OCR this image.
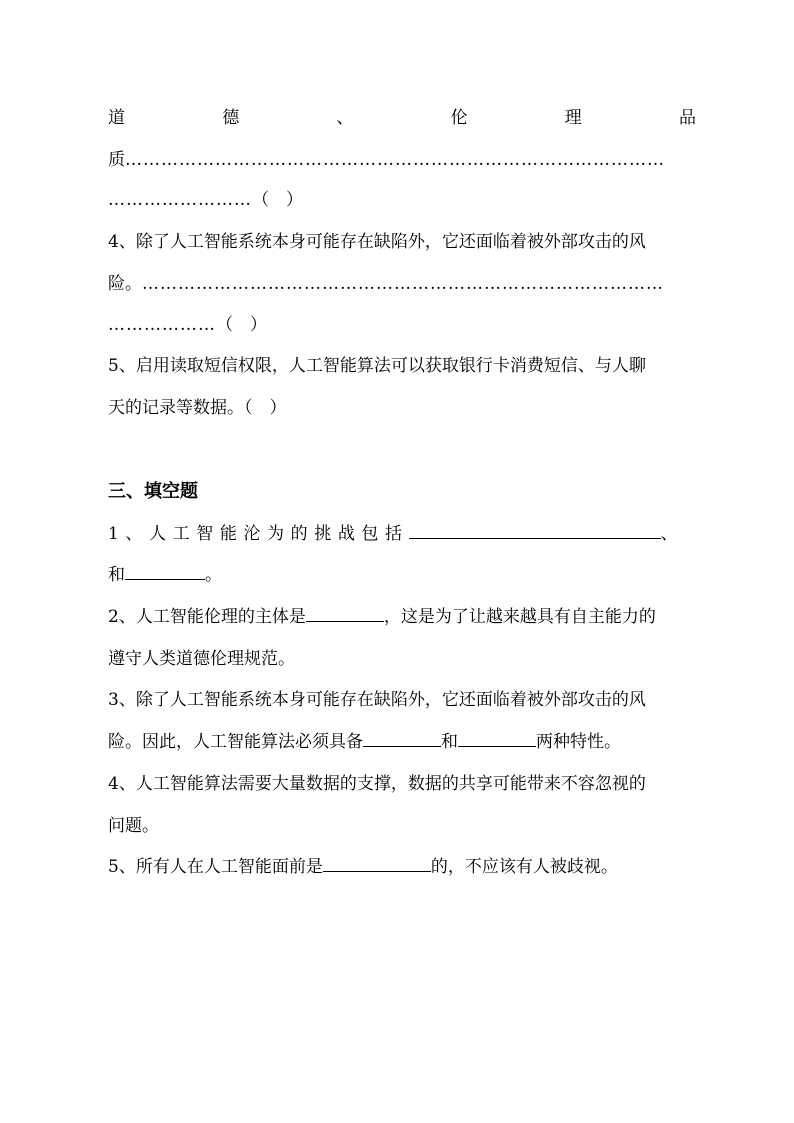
道	德	、	伦	理	品
质………………………………………………………………………………
……………………（　）
4、除了人工智能系统本身可能存在缺陷外，它还面临着被外部攻击的风
险。……………………………………………………………………………
………………（　）
5、启用读取短信权限，人工智能算法可以获取银行卡消费短信、与人聊
天的记录等数据。（　）
三、填空题
1、人工智能沦为的挑战包括	、
和	。
2、人工智能伦理的主体是	，这是为了让越来越具有自主能力的
遵守人类道德伦理规范。
3、除了人工智能系统本身可能存在缺陷外，它还面临着被外部攻击的风
险。因此，人工智能算法必须具备	和	两种特性。
4、人工智能算法需要大量数据的支撑，数据的共享可能带来不容忽视的
问题。
5、所有人在人工智能面前是	的，不应该有人被歧视。
